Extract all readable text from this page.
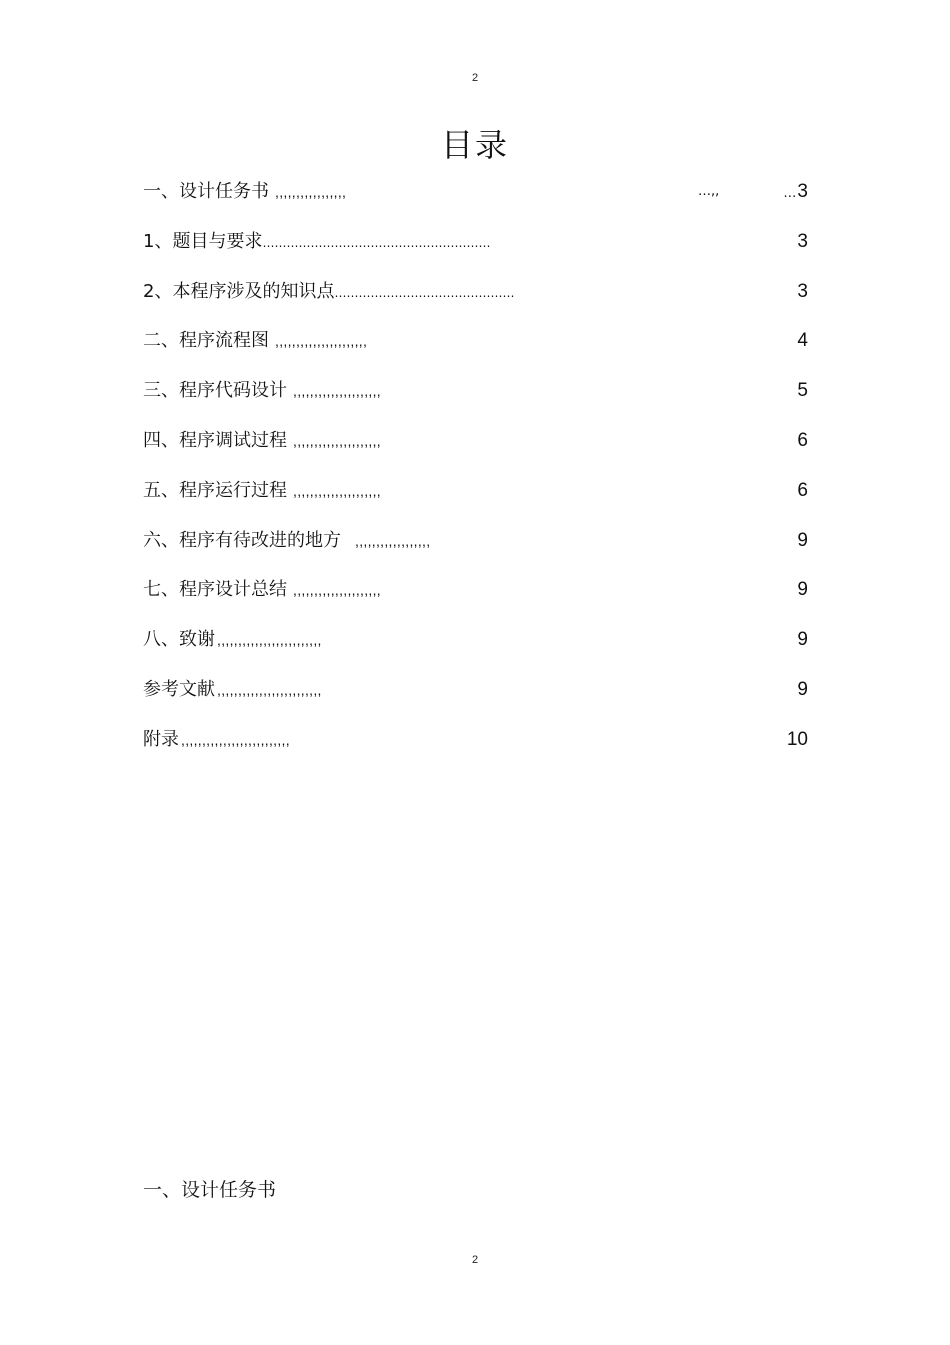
2
目录
一、设计任务书 ,,,,,,,,,,,,,,,,,	…,,	…3
1、题目与要求…………………………………………………	3
2、本程序涉及的知识点………………………………………	3
二、程序流程图 ,,,,,,,,,,,,,,,,,,,,,,	4
三、程序代码设计 ,,,,,,,,,,,,,,,,,,,,,	5
四、程序调试过程 ,,,,,,,,,,,,,,,,,,,,,	6
五、程序运行过程 ,,,,,,,,,,,,,,,,,,,,,	6
六、程序有待改进的地方 ,,,,,,,,,,,,,,,,,,	9
七、程序设计总结 ,,,,,,,,,,,,,,,,,,,,,	9
八、致谢 ,,,,,,,,,,,,,,,,,,,,,,,,,	9
参考文献 ,,,,,,,,,,,,,,,,,,,,,,,,,	9
附录 ,,,,,,,,,,,,,,,,,,,,,,,,,,	10
一、设计任务书
2
